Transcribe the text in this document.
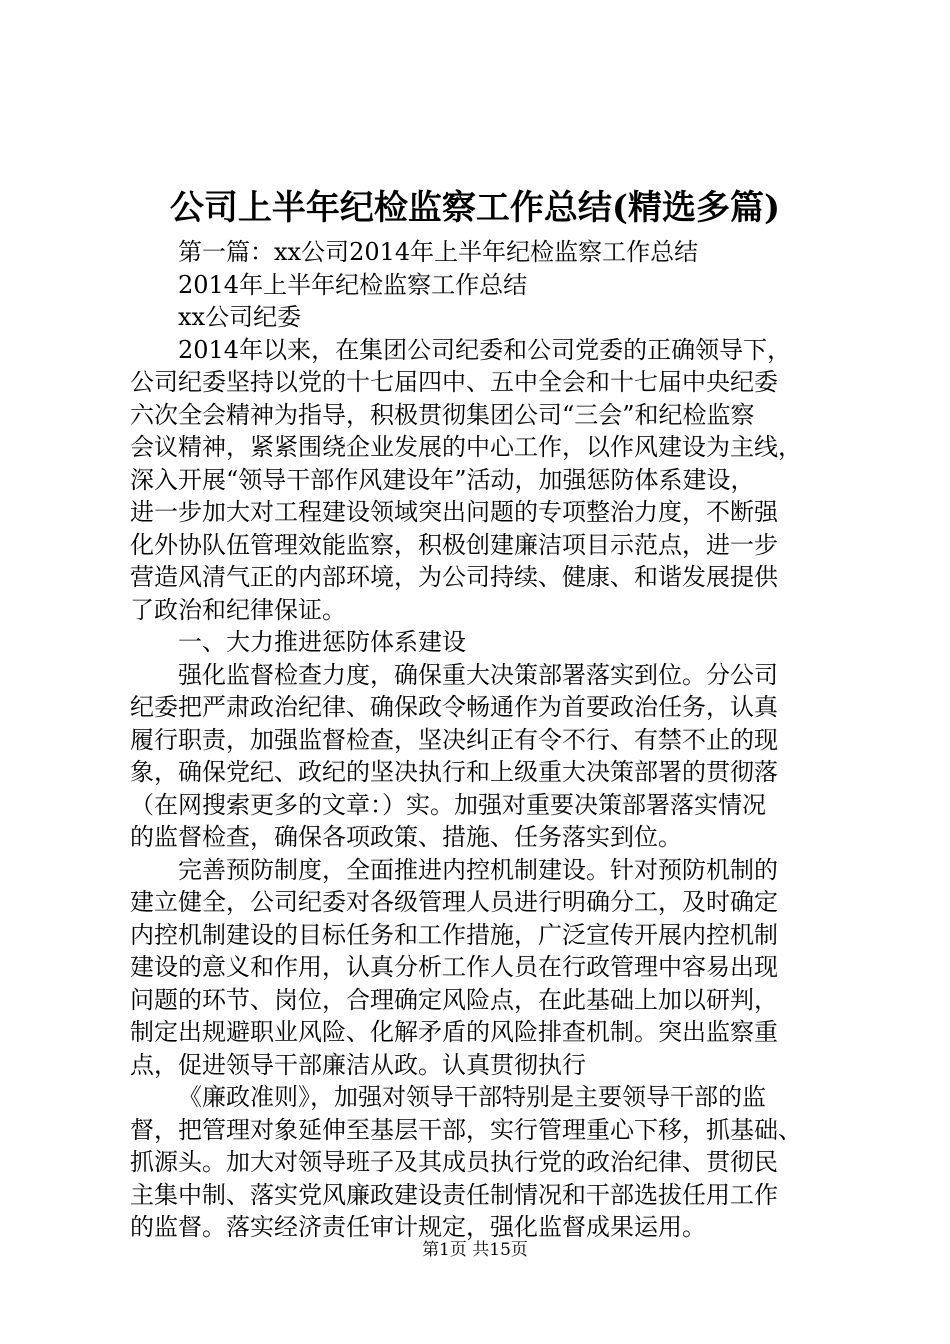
公司上半年纪检监察工作总结(精选多篇)
第一篇：xx公司2014年上半年纪检监察工作总结
2014年上半年纪检监察工作总结
xx公司纪委
2014年以来，在集团公司纪委和公司党委的正确领导下，
公司纪委坚持以党的十七届四中、五中全会和十七届中央纪委
六次全会精神为指导，积极贯彻集团公司“三会”和纪检监察
会议精神，紧紧围绕企业发展的中心工作，以作风建设为主线，
深入开展“领导干部作风建设年”活动，加强惩防体系建设，
进一步加大对工程建设领域突出问题的专项整治力度，不断强
化外协队伍管理效能监察，积极创建廉洁项目示范点，进一步
营造风清气正的内部环境，为公司持续、健康、和谐发展提供
了政治和纪律保证。
一、大力推进惩防体系建设
强化监督检查力度，确保重大决策部署落实到位。分公司
纪委把严肃政治纪律、确保政令畅通作为首要政治任务，认真
履行职责，加强监督检查，坚决纠正有令不行、有禁不止的现
象，确保党纪、政纪的坚决执行和上级重大决策部署的贯彻落
（在网搜索更多的文章：）实。加强对重要决策部署落实情况
的监督检查，确保各项政策、措施、任务落实到位。
完善预防制度，全面推进内控机制建设。针对预防机制的
建立健全，公司纪委对各级管理人员进行明确分工，及时确定
内控机制建设的目标任务和工作措施，广泛宣传开展内控机制
建设的意义和作用，认真分析工作人员在行政管理中容易出现
问题的环节、岗位，合理确定风险点，在此基础上加以研判，
制定出规避职业风险、化解矛盾的风险排查机制。突出监察重
点，促进领导干部廉洁从政。认真贯彻执行
《廉政准则》，加强对领导干部特别是主要领导干部的监
督，把管理对象延伸至基层干部，实行管理重心下移，抓基础、
抓源头。加大对领导班子及其成员执行党的政治纪律、贯彻民
主集中制、落实党风廉政建设责任制情况和干部选拔任用工作
的监督。落实经济责任审计规定，强化监督成果运用。
第1页 共15页
